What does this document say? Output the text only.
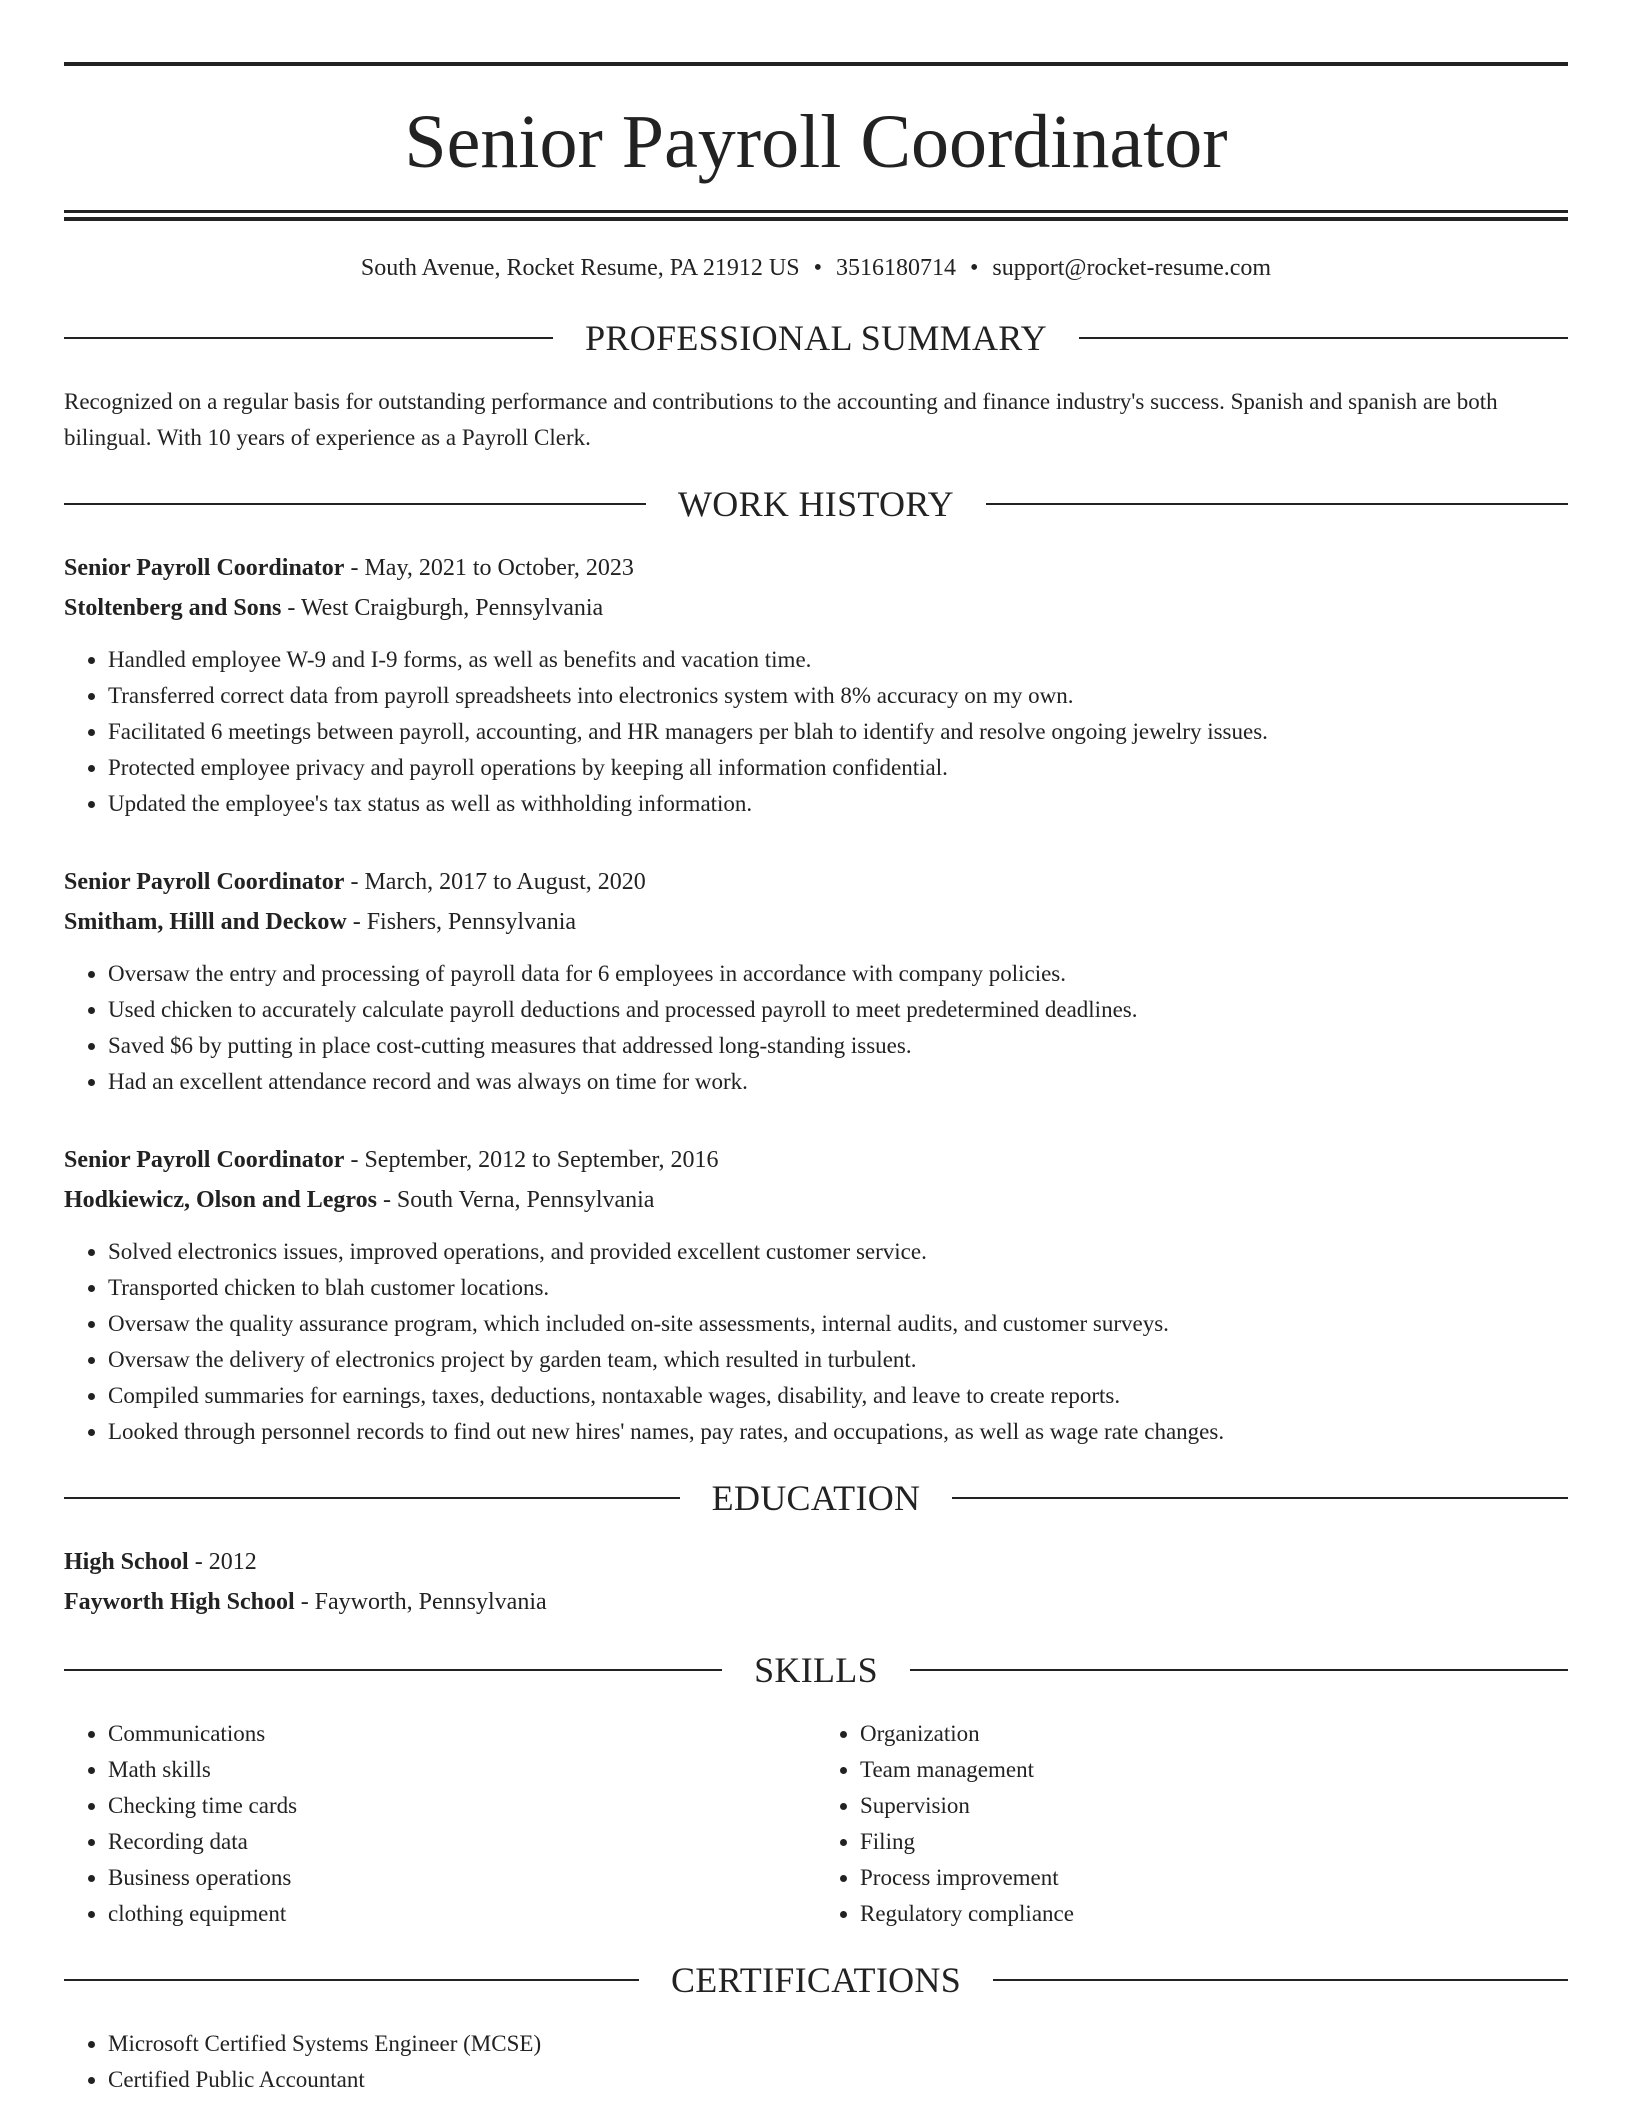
Senior Payroll Coordinator
South Avenue, Rocket Resume, PA 21912 US • 3516180714 • support@rocket-resume.com
PROFESSIONAL SUMMARY
Recognized on a regular basis for outstanding performance and contributions to the accounting and finance industry's success. Spanish and spanish are both bilingual. With 10 years of experience as a Payroll Clerk.
WORK HISTORY
Senior Payroll Coordinator - May, 2021 to October, 2023
Stoltenberg and Sons - West Craigburgh, Pennsylvania
• Handled employee W-9 and I-9 forms, as well as benefits and vacation time.
• Transferred correct data from payroll spreadsheets into electronics system with 8% accuracy on my own.
• Facilitated 6 meetings between payroll, accounting, and HR managers per blah to identify and resolve ongoing jewelry issues.
• Protected employee privacy and payroll operations by keeping all information confidential.
• Updated the employee's tax status as well as withholding information.
Senior Payroll Coordinator - March, 2017 to August, 2020
Smitham, Hilll and Deckow - Fishers, Pennsylvania
• Oversaw the entry and processing of payroll data for 6 employees in accordance with company policies.
• Used chicken to accurately calculate payroll deductions and processed payroll to meet predetermined deadlines.
• Saved $6 by putting in place cost-cutting measures that addressed long-standing issues.
• Had an excellent attendance record and was always on time for work.
Senior Payroll Coordinator - September, 2012 to September, 2016
Hodkiewicz, Olson and Legros - South Verna, Pennsylvania
• Solved electronics issues, improved operations, and provided excellent customer service.
• Transported chicken to blah customer locations.
• Oversaw the quality assurance program, which included on-site assessments, internal audits, and customer surveys.
• Oversaw the delivery of electronics project by garden team, which resulted in turbulent.
• Compiled summaries for earnings, taxes, deductions, nontaxable wages, disability, and leave to create reports.
• Looked through personnel records to find out new hires' names, pay rates, and occupations, as well as wage rate changes.
EDUCATION
High School - 2012
Fayworth High School - Fayworth, Pennsylvania
SKILLS
• Communications
• Math skills
• Checking time cards
• Recording data
• Business operations
• clothing equipment
• Organization
• Team management
• Supervision
• Filing
• Process improvement
• Regulatory compliance
CERTIFICATIONS
• Microsoft Certified Systems Engineer (MCSE)
• Certified Public Accountant
